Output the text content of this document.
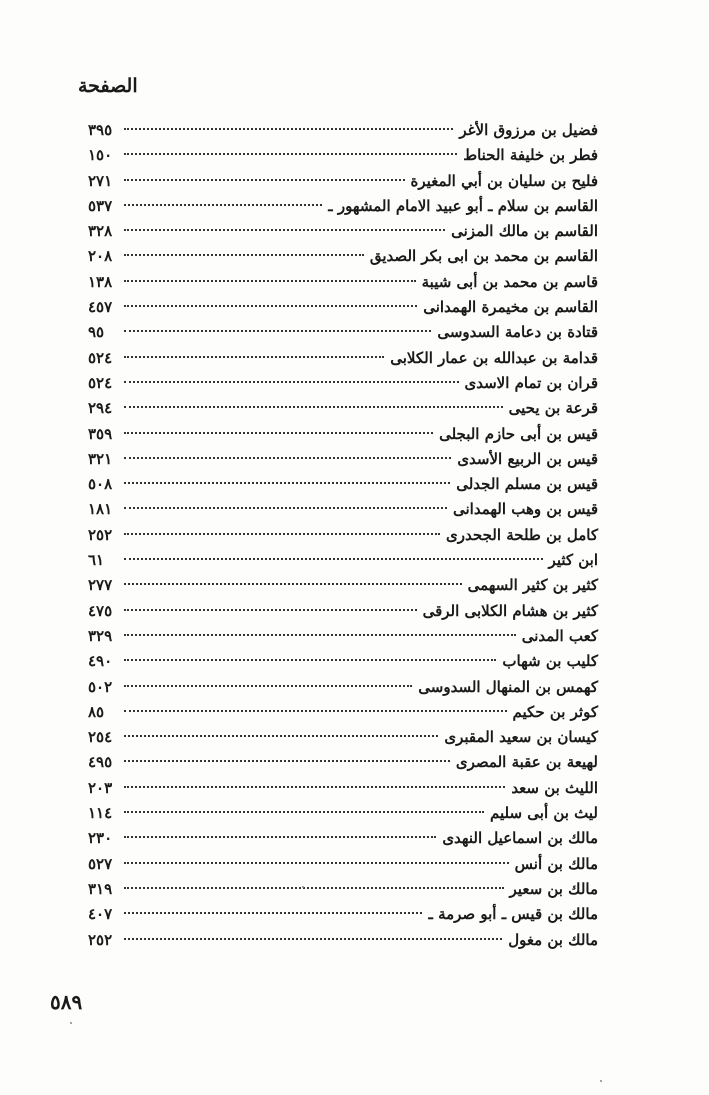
الصفحة
٣٩٥	فضيل بن مرزوق الأغر
١٥٠	فطر بن خليفة الحناط
٢٧١	فليح بن سليان بن أبي المغيرة
٥٣٧	القاسم بن سلام ـ أبو عبيد الامام المشهور ـ
٣٢٨	القاسم بن مالك المزنى
٢٠٨	القاسم بن محمد بن ابى بكر الصديق
١٣٨	قاسم بن محمد بن أبى شيبة
٤٥٧	القاسم بن مخيمرة الهمدانى
٩٥	قتادة بن دعامة السدوسى
٥٢٤	قدامة بن عبدالله بن عمار الكلابى
٥٢٤	قران بن تمام الاسدى
٢٩٤	قرعة بن يحيى
٣٥٩	قيس بن أبى حازم البجلى
٣٢١	قيس بن الربيع الأسدى
٥٠٨	قيس بن مسلم الجدلى
١٨١	قيس بن وهب الهمدانى
٢٥٢	كامل بن طلحة الجحدرى
٦١	ابن كثير
٢٧٧	كثير بن كثير السهمى
٤٧٥	كثير بن هشام الكلابى الرقى
٣٢٩	كعب المدنى
٤٩٠	كليب بن شهاب
٥٠٢	كهمس بن المنهال السدوسى
٨٥	كوثر بن حكيم
٢٥٤	كيسان بن سعيد المقبرى
٤٩٥	لهيعة بن عقبة المصرى
٢٠٣	الليث بن سعد
١١٤	ليث بن أبى سليم
٢٣٠	مالك بن اسماعيل النهدى
٥٢٧	مالك بن أنس
٣١٩	مالك بن سعير
٤٠٧	مالك بن قيس ـ أبو صرمة ـ
٢٥٢	مالك بن مغول
٥٨٩
